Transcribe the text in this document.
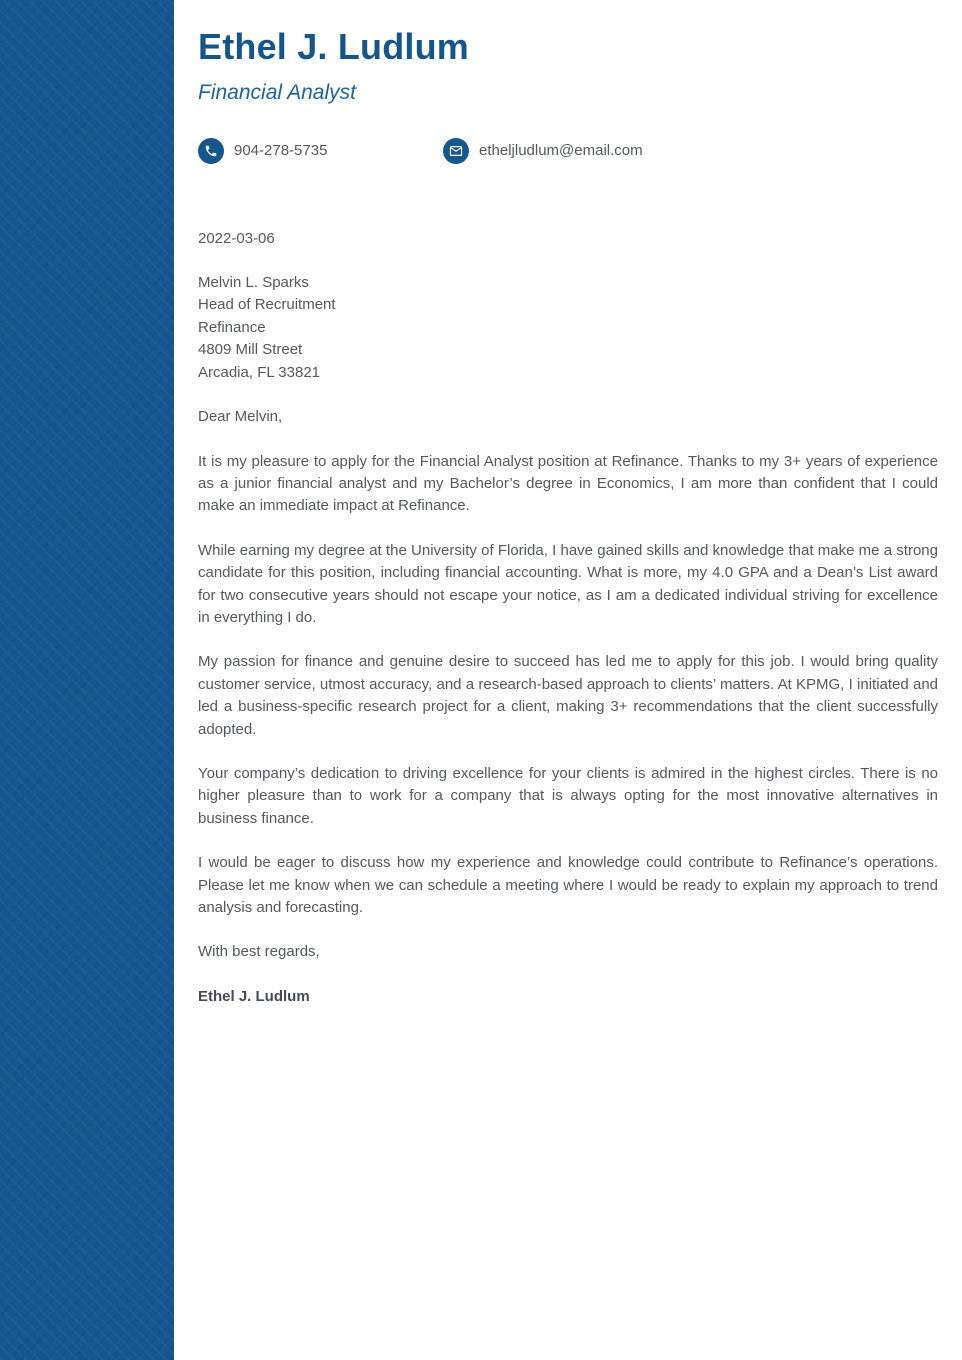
Ethel J. Ludlum
Financial Analyst
904-278-5735	etheljludlum@email.com

2022-03-06

Melvin L. Sparks
Head of Recruitment
Refinance
4809 Mill Street
Arcadia, FL 33821

Dear Melvin,

It is my pleasure to apply for the Financial Analyst position at Refinance. Thanks to my 3+ years of experience as a junior financial analyst and my Bachelor’s degree in Economics, I am more than confident that I could make an immediate impact at Refinance.

While earning my degree at the University of Florida, I have gained skills and knowledge that make me a strong candidate for this position, including financial accounting. What is more, my 4.0 GPA and a Dean’s List award for two consecutive years should not escape your notice, as I am a dedicated individual striving for excellence in everything I do.

My passion for finance and genuine desire to succeed has led me to apply for this job. I would bring quality customer service, utmost accuracy, and a research-based approach to clients’ matters. At KPMG, I initiated and led a business-specific research project for a client, making 3+ recommendations that the client successfully adopted.

Your company’s dedication to driving excellence for your clients is admired in the highest circles. There is no higher pleasure than to work for a company that is always opting for the most innovative alternatives in business finance.

I would be eager to discuss how my experience and knowledge could contribute to Refinance’s operations. Please let me know when we can schedule a meeting where I would be ready to explain my approach to trend analysis and forecasting.

With best regards,

Ethel J. Ludlum
